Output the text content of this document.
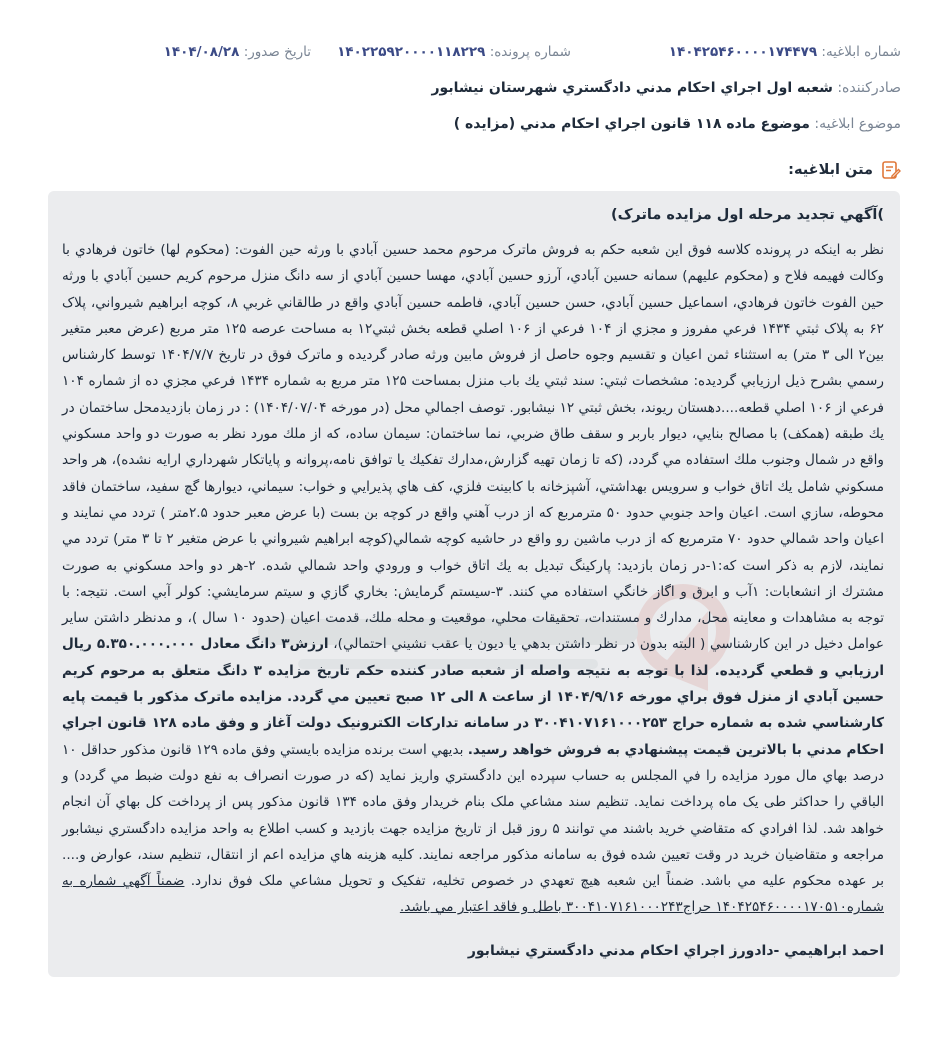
شماره ابلاغيه: ۱۴۰۴۲۵۴۶۰۰۰۰۱۷۴۴۷۹
شماره پرونده: ۱۴۰۲۲۵۹۲۰۰۰۰۱۱۸۲۲۹
تاريخ صدور: ۱۴۰۴/۰۸/۲۸
صادرکننده: شعبه اول اجراي احکام مدني دادگستري شهرستان نيشابور
موضوع ابلاغيه: موضوع ماده ۱۱۸ قانون اجراي احکام مدني (مزايده )
متن ابلاغيه:
)آگهي تجديد مرحله اول مزايده ماترک)

نظر به اينکه در پرونده کلاسه فوق اين شعبه حکم به فروش ماترک مرحوم محمد حسين آبادي با ورثه حين الفوت: (محکوم لها) خاتون فرهادي با وکالت فهيمه فلاح و (محکوم عليهم) سمانه حسين آبادي، آرزو حسين آبادي، مهسا حسين آبادي از سه دانگ منزل مرحوم کريم حسين آبادي با ورثه حين الفوت خاتون فرهادي، اسماعيل حسين آبادي، حسن حسين آبادي، فاطمه حسين آبادي واقع در طالقاني غربي ۸، کوچه ابراهيم شيرواني، پلاک ۶۲ به پلاک ثبتي ۱۴۳۴ فرعي مفروز و مجزي از ۱۰۴ فرعي از ۱۰۶ اصلي قطعه بخش ثبتي۱۲ به مساحت عرصه ۱۲۵ متر مربع (عرض معبر متغير بين۲ الی ۳ متر) به استثناء ثمن اعيان و تقسيم وجوه حاصل از فروش مابين ورثه صادر گرديده و ماترک فوق در تاريخ ۱۴۰۴/۷/۷ توسط کارشناس رسمي بشرح ذيل ارزيابي گرديده: مشخصات ثبتي: سند ثبتي يك باب منزل بمساحت ۱۲۵ متر مربع به شماره ۱۴۳۴ فرعي مجزي ده از شماره ۱۰۴ فرعي از ۱۰۶ اصلي قطعه....دهستان ريوند، بخش ثبتي ۱۲ نيشابور. توصف اجمالي محل (در مورخه ۱۴۰۴/۰۷/۰۴) : در زمان بازديدمحل ساختمان در يك طبقه (همكف) با مصالح بنايي، ديوار باربر و سقف طاق ضربي، نما ساختمان: سيمان ساده، كه از ملك مورد نظر به صورت دو واحد مسكوني واقع در شمال وجنوب ملك استفاده مي گردد، (كه تا زمان تهيه گزارش،مدارك تفكيك يا توافق نامه،پروانه و پاياتكار شهرداري ارايه نشده)، هر واحد مسكوني شامل يك اتاق خواب و سرويس بهداشتي، آشپزخانه با كابينت فلزي، كف هاي پذيرايي و خواب: سيماني، ديوارها گچ سفيد، ساختمان فاقد محوطه، سازي است. اعيان واحد جنوبي حدود ۵۰ مترمربع كه از درب آهني واقع در كوچه بن بست (با عرض معبر حدود ۲.۵متر ) تردد مي نمايند و اعيان واحد شمالي حدود ۷۰ مترمربع كه از درب ماشين رو واقع در حاشيه كوچه شمالي(كوچه ابراهيم شيرواني با عرض متغير ۲ تا ۳ متر) تردد مي نمايند، لازم به ذكر است كه:۱-در زمان بازديد: پاركينگ تبديل به يك اتاق خواب و ورودي واحد شمالي شده. ۲-هر دو واحد مسكوني به صورت مشترك از انشعابات: ۱آب و ابرق و اگاز خانگي استفاده مي كنند. ۳-سيستم گرمايش: بخاري گازي و سيتم سرمايشي: كولر آبي است. نتيجه: با توجه به مشاهدات و معاينه محل، مدارك و مستندات، تحقيقات محلي، موقعيت و محله ملك، قدمت اعيان (حدود ۱۰ سال )، و مدنظر داشتن ساير عوامل دخيل در اين كارشناسي ( البته بدون در نظر داشتن بدهي يا ديون يا عقب نشيني احتمالي)، ارزش۳ دانگ معادل ۵.۳۵۰.۰۰۰.۰۰۰ ريال ارزيابي و قطعي گرديده. لذا با توجه به نتيجه واصله از شعبه صادر کننده حکم تاريخ مزايده ۳ دانگ متعلق به مرحوم کريم حسين آبادي از منزل فوق براي مورخه ۱۴۰۴/۹/۱۶ از ساعت ۸ الی ۱۲ صبح تعيين مي گردد. مزايده ماترک مذکور با قيمت پايه کارشناسي شده به شماره حراج ۳۰۰۴۱۰۷۱۶۱۰۰۰۲۵۳ در سامانه تدارکات الکترونيک دولت آغاز و وفق ماده ۱۲۸ قانون اجراي احکام مدني با بالاترين قيمت پيشنهادي به فروش خواهد رسيد. بديهي است برنده مزايده بايستي وفق ماده ۱۲۹ قانون مذکور حداقل ۱۰ درصد بهاي مال مورد مزايده را في المجلس به حساب سپرده اين دادگستري واريز نمايد (که در صورت انصراف به نفع دولت ضبط مي گردد) و الباقي را حداکثر طی يک ماه پرداخت نمايد. تنظيم سند مشاعي ملک بنام خريدار وفق ماده ۱۳۴ قانون مذکور پس از پرداخت کل بهاي آن انجام خواهد شد. لذا افرادي که متقاضي خريد باشند مي توانند ۵ روز قبل از تاريخ مزايده جهت بازديد و کسب اطلاع به واحد مزايده دادگستري نيشابور مراجعه و متقاضيان خريد در وقت تعيين شده فوق به سامانه مذکور مراجعه نمايند. کليه هزينه هاي مزايده اعم از انتقال، تنظيم سند، عوارض و.... بر عهده محکوم عليه مي باشد. ضمناً اين شعبه هيچ تعهدي در خصوص تخليه، تفکيک و تحويل مشاعي ملک فوق ندارد. ضمناً آگهي شماره به شماره۱۴۰۴۲۵۴۶۰۰۰۰۱۷۰۵۱۰ حراج۳۰۰۴۱۰۷۱۶۱۰۰۰۲۴۳ باطل و فاقد اعتبار مي باشد.

احمد ابراهيمي -دادورز اجراي احکام مدني دادگستري نيشابور
